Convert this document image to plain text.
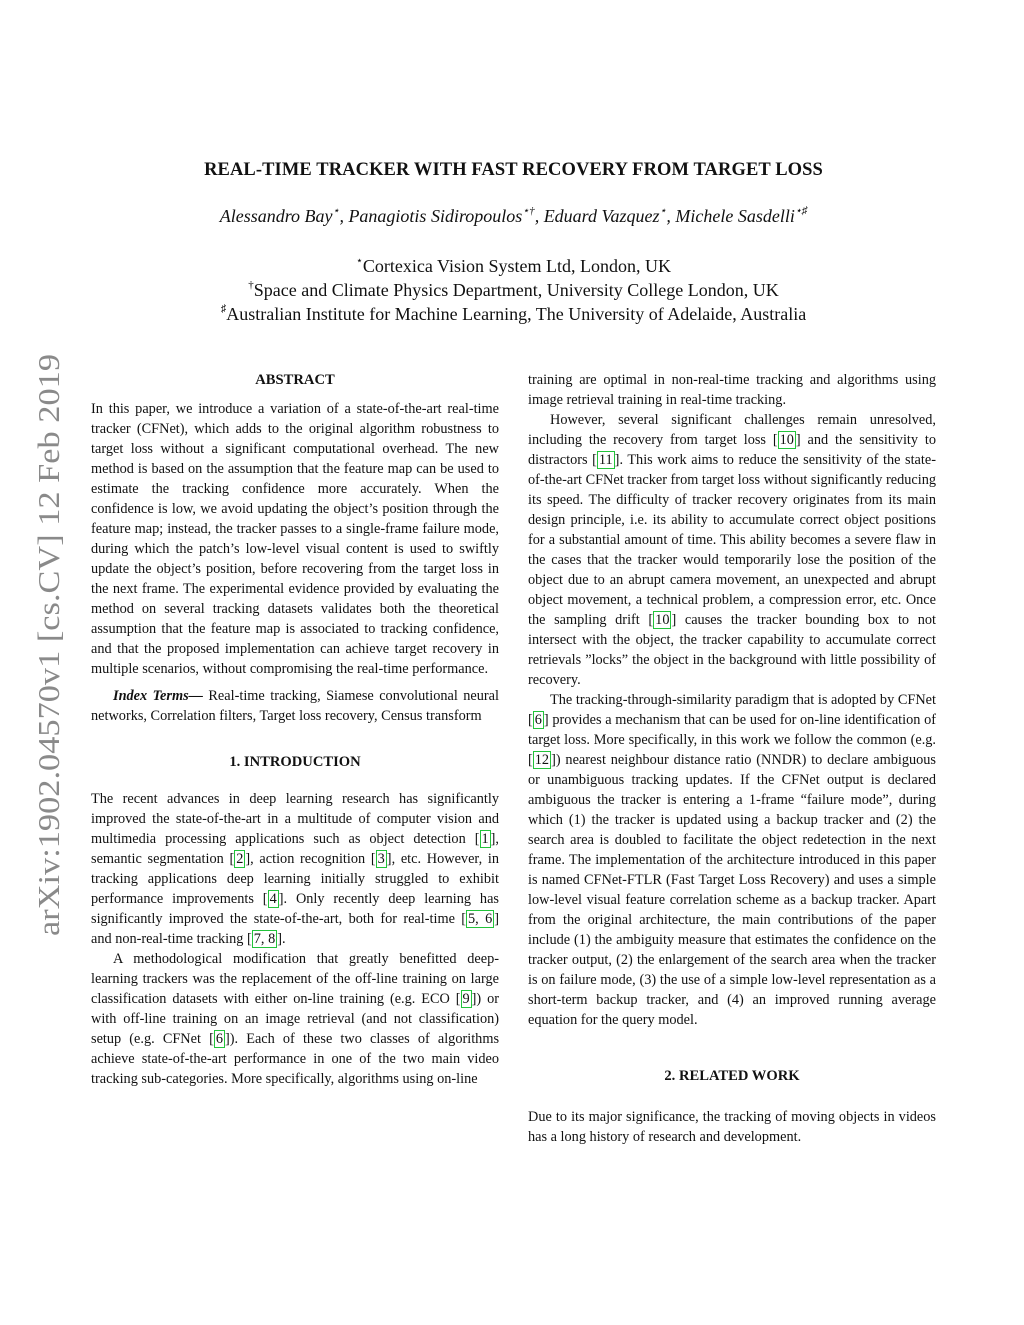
arXiv:1902.04570v1 [cs.CV] 12 Feb 2019
REAL-TIME TRACKER WITH FAST RECOVERY FROM TARGET LOSS
Alessandro Bay⋆, Panagiotis Sidiropoulos⋆†, Eduard Vazquez⋆, Michele Sasdelli⋆♯
⋆Cortexica Vision System Ltd, London, UK
†Space and Climate Physics Department, University College London, UK
♯Australian Institute for Machine Learning, The University of Adelaide, Australia
ABSTRACT

In this paper, we introduce a variation of a state-of-the-art real-time tracker (CFNet), which adds to the original algorithm robustness to target loss without a significant computational overhead. The new method is based on the assumption that the feature map can be used to estimate the tracking confidence more accurately. When the confidence is low, we avoid updating the object’s position through the feature map; instead, the tracker passes to a single-frame failure mode, during which the patch’s low-level visual content is used to swiftly update the object’s position, before recovering from the target loss in the next frame. The experimental evidence provided by evaluating the method on several tracking datasets validates both the theoretical assumption that the feature map is associated to tracking confidence, and that the proposed implementation can achieve target recovery in multiple scenarios, without compromising the real-time performance.

Index Terms— Real-time tracking, Siamese convolutional neural networks, Correlation filters, Target loss recovery, Census transform

1. INTRODUCTION

The recent advances in deep learning research has significantly improved the state-of-the-art in a multitude of computer vision and multimedia processing applications such as object detection [ 1 ], semantic segmentation [ 2 ], action recognition [ 3 ], etc. However, in tracking applications deep learning initially struggled to exhibit performance improvements [ 4 ]. Only recently deep learning has significantly improved the state-of-the-art, both for real-time [ 5, 6 ] and non-real-time tracking [ 7, 8 ].

A methodological modification that greatly benefitted deep-learning trackers was the replacement of the off-line training on large classification datasets with either on-line training (e.g. ECO [ 9 ]) or with off-line training on an image retrieval (and not classification) setup (e.g. CFNet [ 6 ]). Each of these two classes of algorithms achieve state-of-the-art performance in one of the two main video tracking sub-categories. More specifically, algorithms using on-line

training are optimal in non-real-time tracking and algorithms using image retrieval training in real-time tracking.

However, several significant challenges remain unresolved, including the recovery from target loss [ 10 ] and the sensitivity to distractors [ 11 ]. This work aims to reduce the sensitivity of the state-of-the-art CFNet tracker from target loss without significantly reducing its speed. The difficulty of tracker recovery originates from its main design principle, i.e. its ability to accumulate correct object positions for a substantial amount of time. This ability becomes a severe flaw in the cases that the tracker would temporarily lose the position of the object due to an abrupt camera movement, an unexpected and abrupt object movement, a technical problem, a compression error, etc. Once the sampling drift [ 10 ] causes the tracker bounding box to not intersect with the object, the tracker capability to accumulate correct retrievals ”locks” the object in the background with little possibility of recovery.

The tracking-through-similarity paradigm that is adopted by CFNet [ 6 ] provides a mechanism that can be used for on-line identification of target loss. More specifically, in this work we follow the common (e.g. [ 12 ]) nearest neighbour distance ratio (NNDR) to declare ambiguous or unambiguous tracking updates. If the CFNet output is declared ambiguous the tracker is entering a 1-frame “failure mode”, during which (1) the tracker is updated using a backup tracker and (2) the search area is doubled to facilitate the object redetection in the next frame. The implementation of the architecture introduced in this paper is named CFNet-FTLR (Fast Target Loss Recovery) and uses a simple low-level visual feature correlation scheme as a backup tracker. Apart from the original architecture, the main contributions of the paper include (1) the ambiguity measure that estimates the confidence on the tracker output, (2) the enlargement of the search area when the tracker is on failure mode, (3) the use of a simple low-level representation as a short-term backup tracker, and (4) an improved running average equation for the query model.

2. RELATED WORK

Due to its major significance, the tracking of moving objects in videos has a long history of research and development.
